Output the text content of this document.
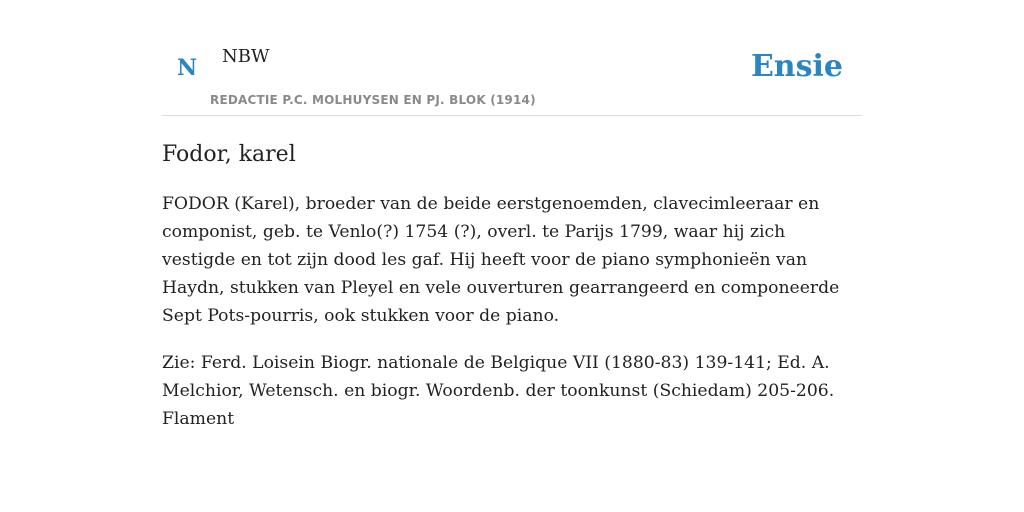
N NBW
REDACTIE P.C. MOLHUYSEN EN PJ. BLOK (1914)
Ensie
Fodor, karel

FODOR (Karel), broeder van de beide eerstgenoemden, clavecimleeraar en componist, geb. te Venlo(?) 1754 (?), overl. te Parijs 1799, waar hij zich vestigde en tot zijn dood les gaf. Hij heeft voor de piano symphonieën van Haydn, stukken van Pleyel en vele ouverturen gearrangeerd en componeerde Sept Pots-pourris, ook stukken voor de piano.

Zie: Ferd. Loisein Biogr. nationale de Belgique VII (1880-83) 139-141; Ed. A. Melchior, Wetensch. en biogr. Woordenb. der toonkunst (Schiedam) 205-206. Flament
